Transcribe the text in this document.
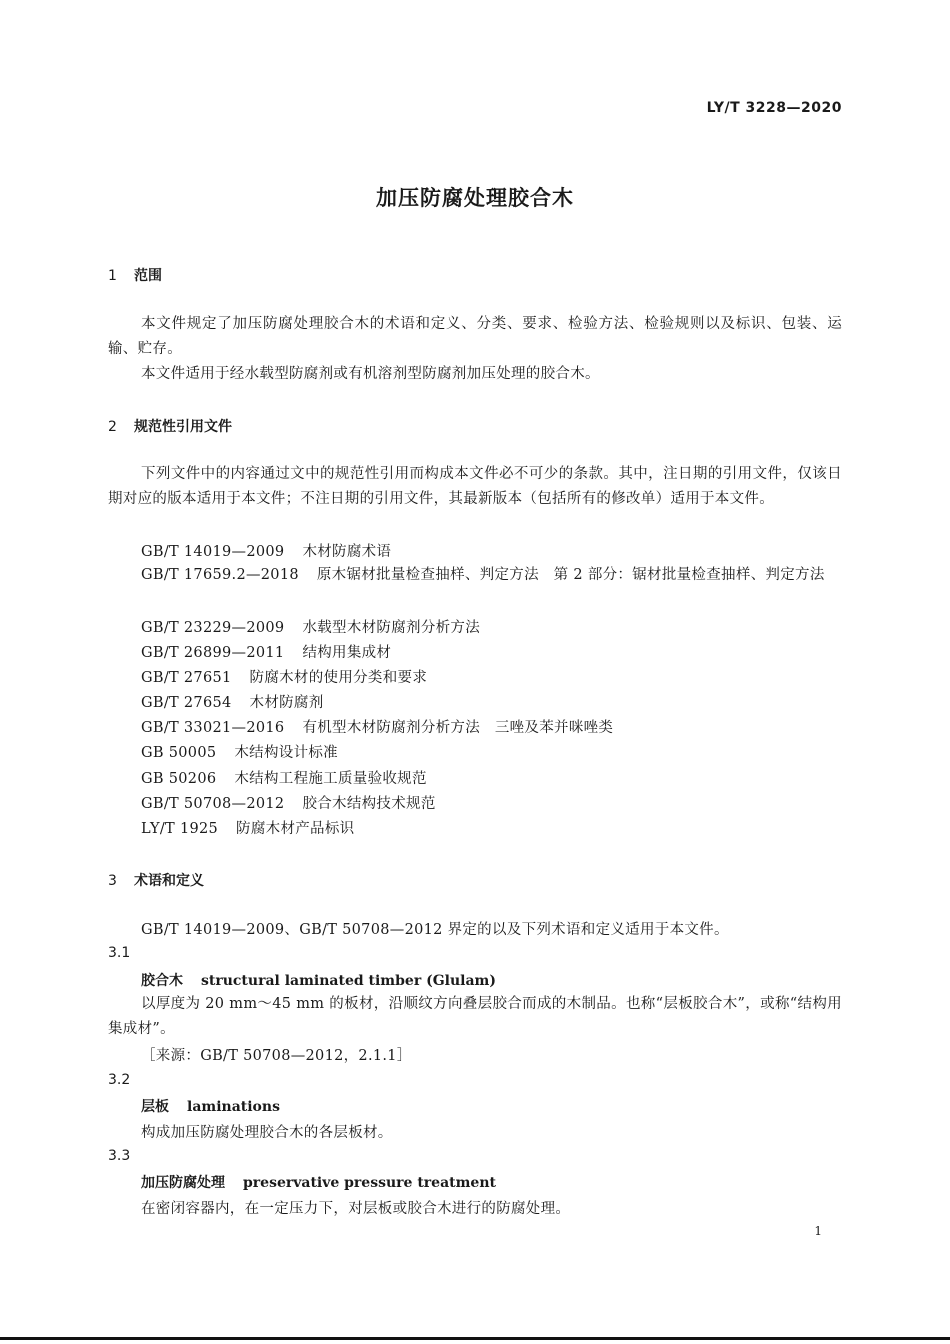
LY/T 3228—2020
加压防腐处理胶合木
1 范围
本文件规定了加压防腐处理胶合木的术语和定义、分类、要求、检验方法、检验规则以及标识、包装、运输、贮存。
本文件适用于经水载型防腐剂或有机溶剂型防腐剂加压处理的胶合木。
2 规范性引用文件
下列文件中的内容通过文中的规范性引用而构成本文件必不可少的条款。其中，注日期的引用文件，仅该日期对应的版本适用于本文件；不注日期的引用文件，其最新版本（包括所有的修改单）适用于本文件。
GB/T 14019—2009 木材防腐术语
GB/T 17659.2—2018 原木锯材批量检查抽样、判定方法　第 2 部分：锯材批量检查抽样、判定方法
GB/T 23229—2009 水载型木材防腐剂分析方法
GB/T 26899—2011 结构用集成材
GB/T 27651 防腐木材的使用分类和要求
GB/T 27654 木材防腐剂
GB/T 33021—2016 有机型木材防腐剂分析方法　三唑及苯并咪唑类
GB 50005 木结构设计标准
GB 50206 木结构工程施工质量验收规范
GB/T 50708—2012 胶合木结构技术规范
LY/T 1925 防腐木材产品标识
3 术语和定义
GB/T 14019—2009、GB/T 50708—2012 界定的以及下列术语和定义适用于本文件。
3.1
胶合木 structural laminated timber (Glulam)
以厚度为 20 mm～45 mm 的板材，沿顺纹方向叠层胶合而成的木制品。也称“层板胶合木”，或称“结构用集成材”。
［来源：GB/T 50708—2012，2.1.1］
3.2
层板 laminations
构成加压防腐处理胶合木的各层板材。
3.3
加压防腐处理 preservative pressure treatment
在密闭容器内，在一定压力下，对层板或胶合木进行的防腐处理。
1
